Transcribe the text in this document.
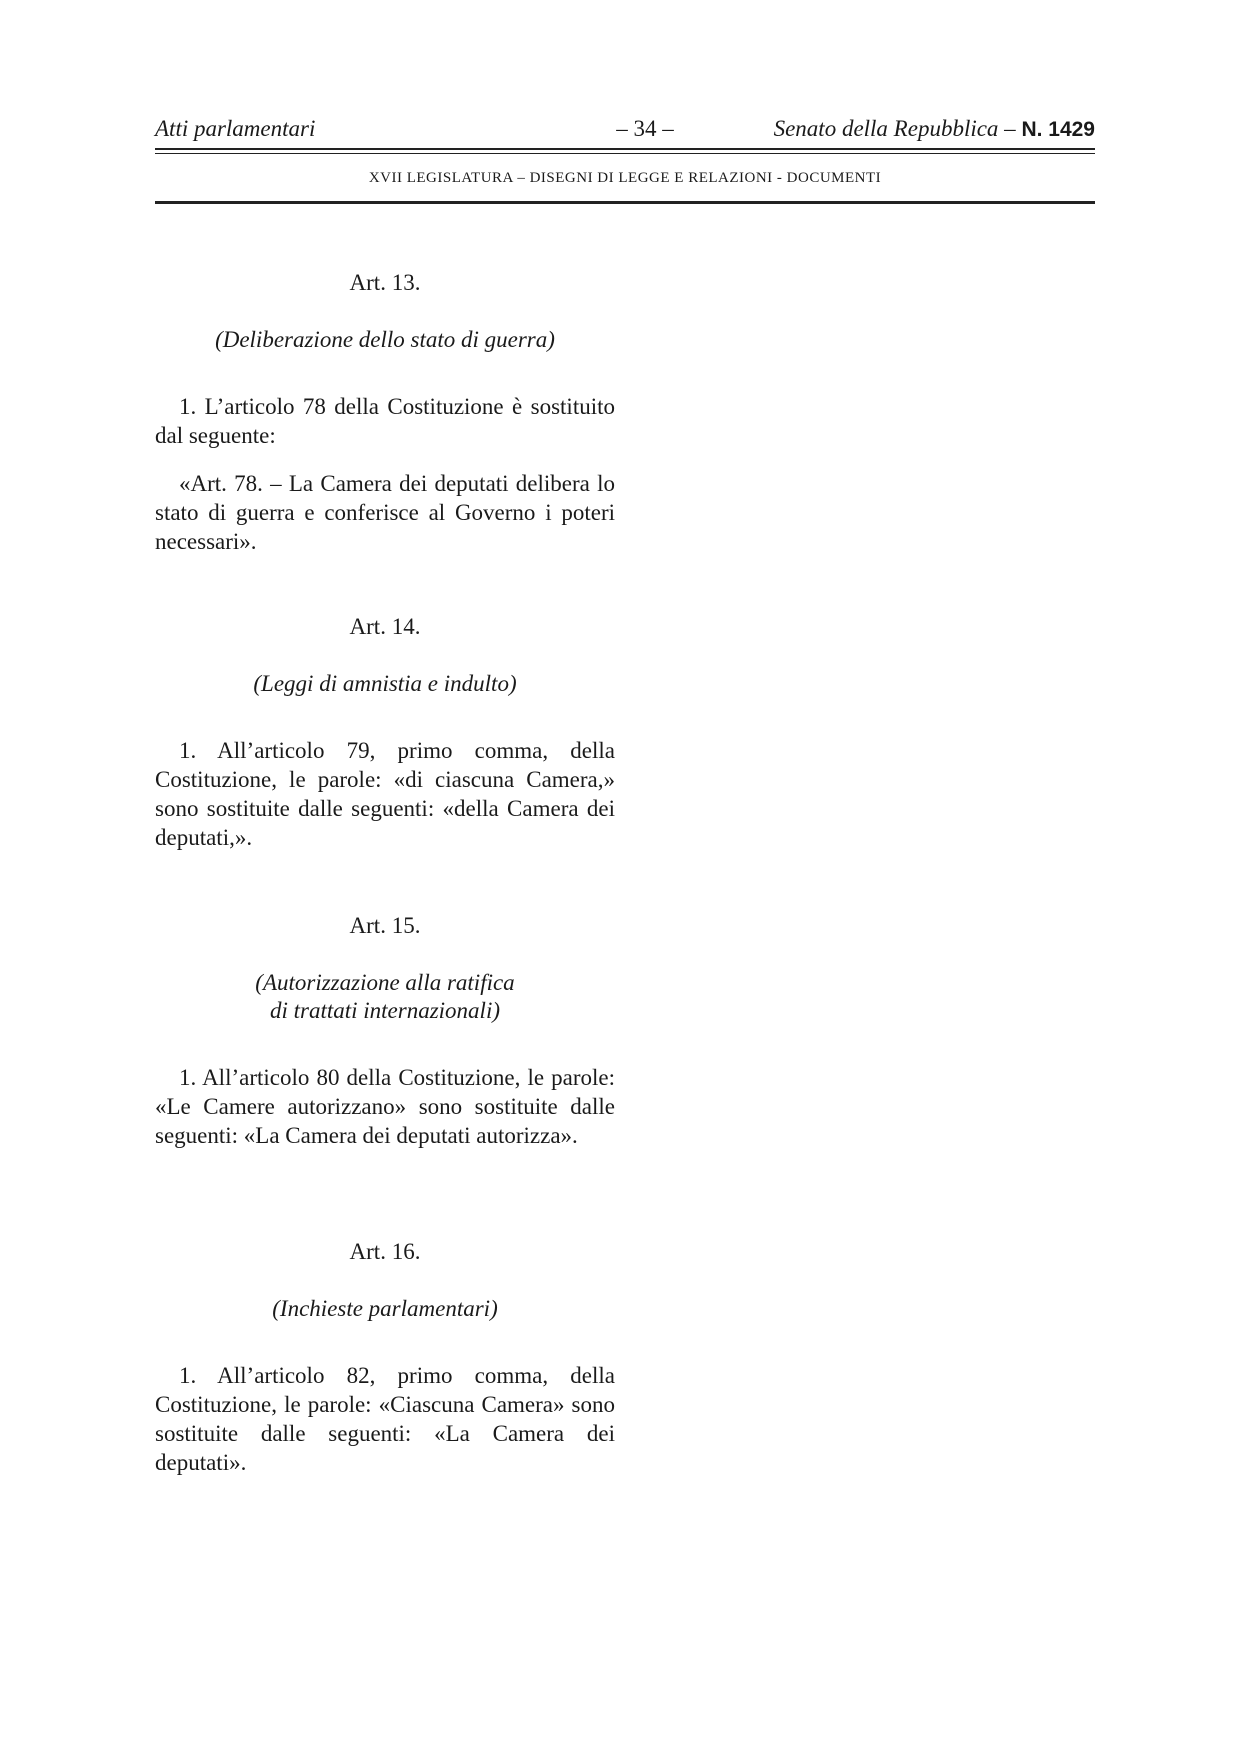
Atti parlamentari	– 34 –	Senato della Repubblica – N. 1429
XVII LEGISLATURA – DISEGNI DI LEGGE E RELAZIONI - DOCUMENTI
Art. 13.
(Deliberazione dello stato di guerra)

1. L’articolo 78 della Costituzione è sostituito dal seguente:

«Art. 78. – La Camera dei deputati delibera lo stato di guerra e conferisce al Governo i poteri necessari».

Art. 14.
(Leggi di amnistia e indulto)

1. All’articolo 79, primo comma, della Costituzione, le parole: «di ciascuna Camera,» sono sostituite dalle seguenti: «della Camera dei deputati,».

Art. 15.
(Autorizzazione alla ratifica
di trattati internazionali)

1. All’articolo 80 della Costituzione, le parole: «Le Camere autorizzano» sono sostituite dalle seguenti: «La Camera dei deputati autorizza».

Art. 16.
(Inchieste parlamentari)

1. All’articolo 82, primo comma, della Costituzione, le parole: «Ciascuna Camera» sono sostituite dalle seguenti: «La Camera dei deputati».
